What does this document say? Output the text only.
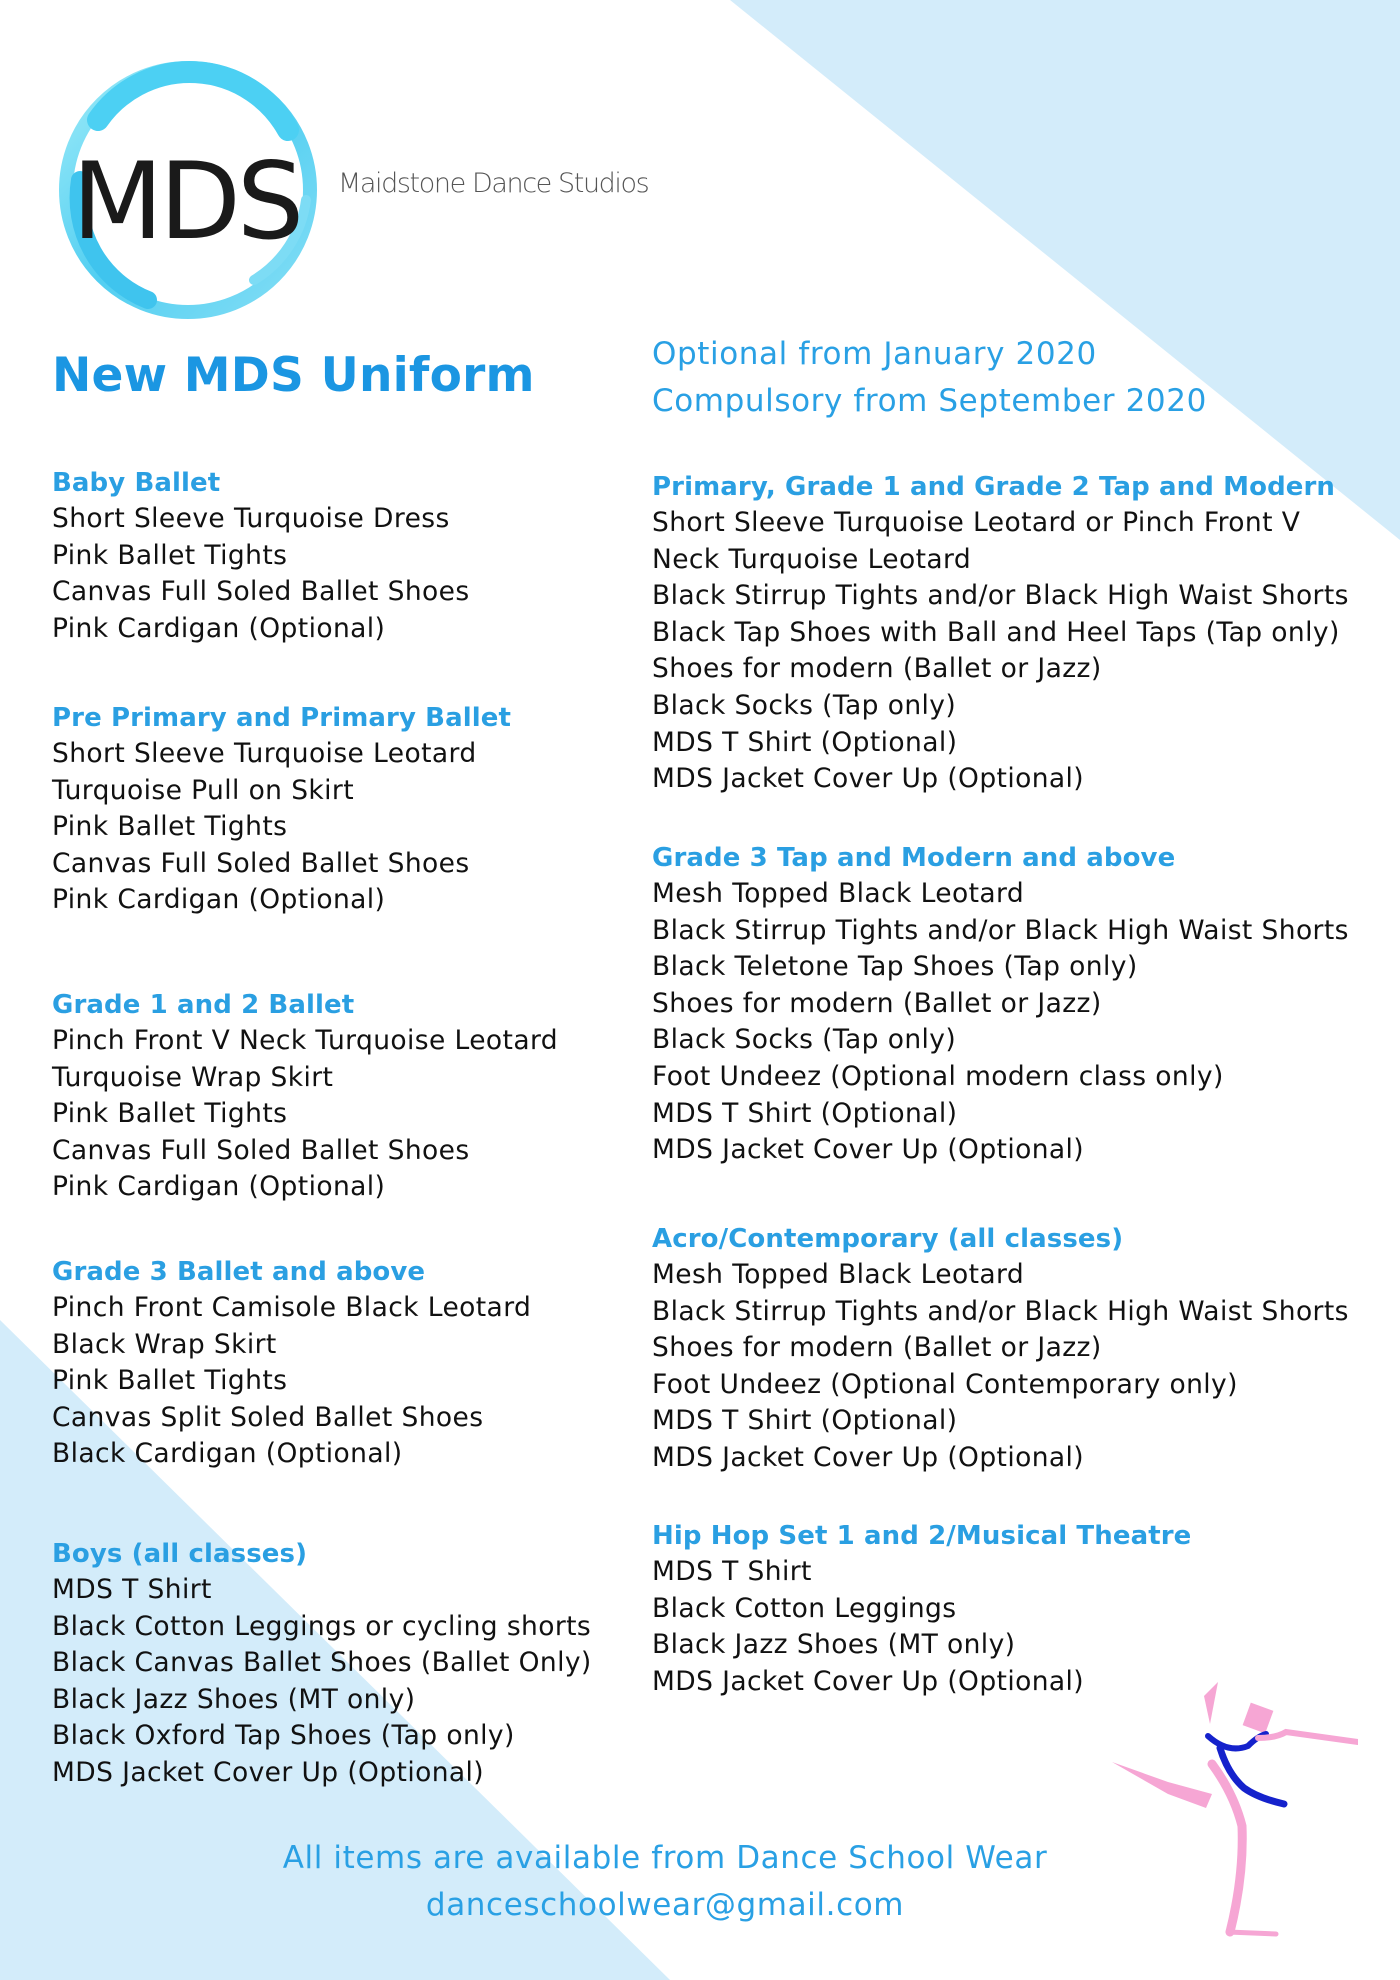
MDS Maidstone Dance Studios
New MDS Uniform	Optional from January 2020
Compulsory from September 2020
Baby Ballet
Short Sleeve Turquoise Dress
Pink Ballet Tights
Canvas Full Soled Ballet Shoes
Pink Cardigan (Optional)
Pre Primary and Primary Ballet
Short Sleeve Turquoise Leotard
Turquoise Pull on Skirt
Pink Ballet Tights
Canvas Full Soled Ballet Shoes
Pink Cardigan (Optional)
Grade 1 and 2 Ballet
Pinch Front V Neck Turquoise Leotard
Turquoise Wrap Skirt
Pink Ballet Tights
Canvas Full Soled Ballet Shoes
Pink Cardigan (Optional)
Grade 3 Ballet and above
Pinch Front Camisole Black Leotard
Black Wrap Skirt
Pink Ballet Tights
Canvas Split Soled Ballet Shoes
Black Cardigan (Optional)
Boys (all classes)
MDS T Shirt
Black Cotton Leggings or cycling shorts
Black Canvas Ballet Shoes (Ballet Only)
Black Jazz Shoes (MT only)
Black Oxford Tap Shoes (Tap only)
MDS Jacket Cover Up (Optional)
Primary, Grade 1 and Grade 2 Tap and Modern
Short Sleeve Turquoise Leotard or Pinch Front V
Neck Turquoise Leotard
Black Stirrup Tights and/or Black High Waist Shorts
Black Tap Shoes with Ball and Heel Taps (Tap only)
Shoes for modern (Ballet or Jazz)
Black Socks (Tap only)
MDS T Shirt (Optional)
MDS Jacket Cover Up (Optional)
Grade 3 Tap and Modern and above
Mesh Topped Black Leotard
Black Stirrup Tights and/or Black High Waist Shorts
Black Teletone Tap Shoes (Tap only)
Shoes for modern (Ballet or Jazz)
Black Socks (Tap only)
Foot Undeez (Optional modern class only)
MDS T Shirt (Optional)
MDS Jacket Cover Up (Optional)
Acro/Contemporary (all classes)
Mesh Topped Black Leotard
Black Stirrup Tights and/or Black High Waist Shorts
Shoes for modern (Ballet or Jazz)
Foot Undeez (Optional Contemporary only)
MDS T Shirt (Optional)
MDS Jacket Cover Up (Optional)
Hip Hop Set 1 and 2/Musical Theatre
MDS T Shirt
Black Cotton Leggings
Black Jazz Shoes (MT only)
MDS Jacket Cover Up (Optional)
All items are available from Dance School Wear
danceschoolwear@gmail.com
